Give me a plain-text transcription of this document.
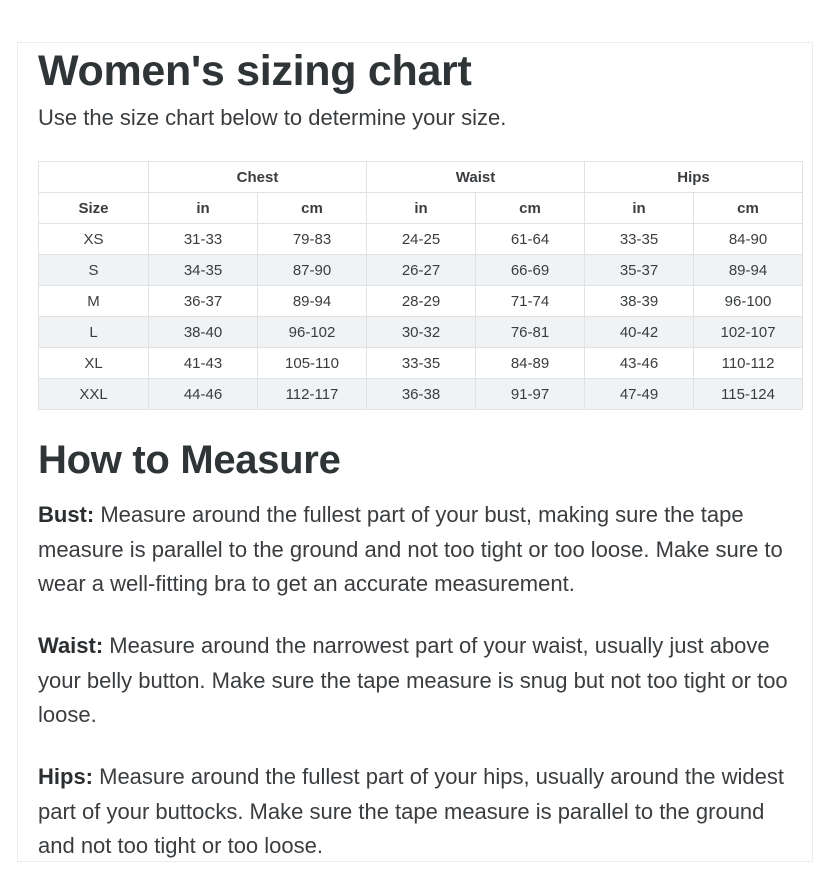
Women's sizing chart
Use the size chart below to determine your size.
	Chest		Waist		Hips	
Size	in	cm	in	cm	in	cm
XS	31-33	79-83	24-25	61-64	33-35	84-90
S	34-35	87-90	26-27	66-69	35-37	89-94
M	36-37	89-94	28-29	71-74	38-39	96-100
L	38-40	96-102	30-32	76-81	40-42	102-107
XL	41-43	105-110	33-35	84-89	43-46	110-112
XXL	44-46	112-117	36-38	91-97	47-49	115-124
How to Measure

Bust: Measure around the fullest part of your bust, making sure the tape measure is parallel to the ground and not too tight or too loose. Make sure to wear a well-fitting bra to get an accurate measurement.

Waist: Measure around the narrowest part of your waist, usually just above your belly button. Make sure the tape measure is snug but not too tight or too loose.

Hips: Measure around the fullest part of your hips, usually around the widest part of your buttocks. Make sure the tape measure is parallel to the ground and not too tight or too loose.
